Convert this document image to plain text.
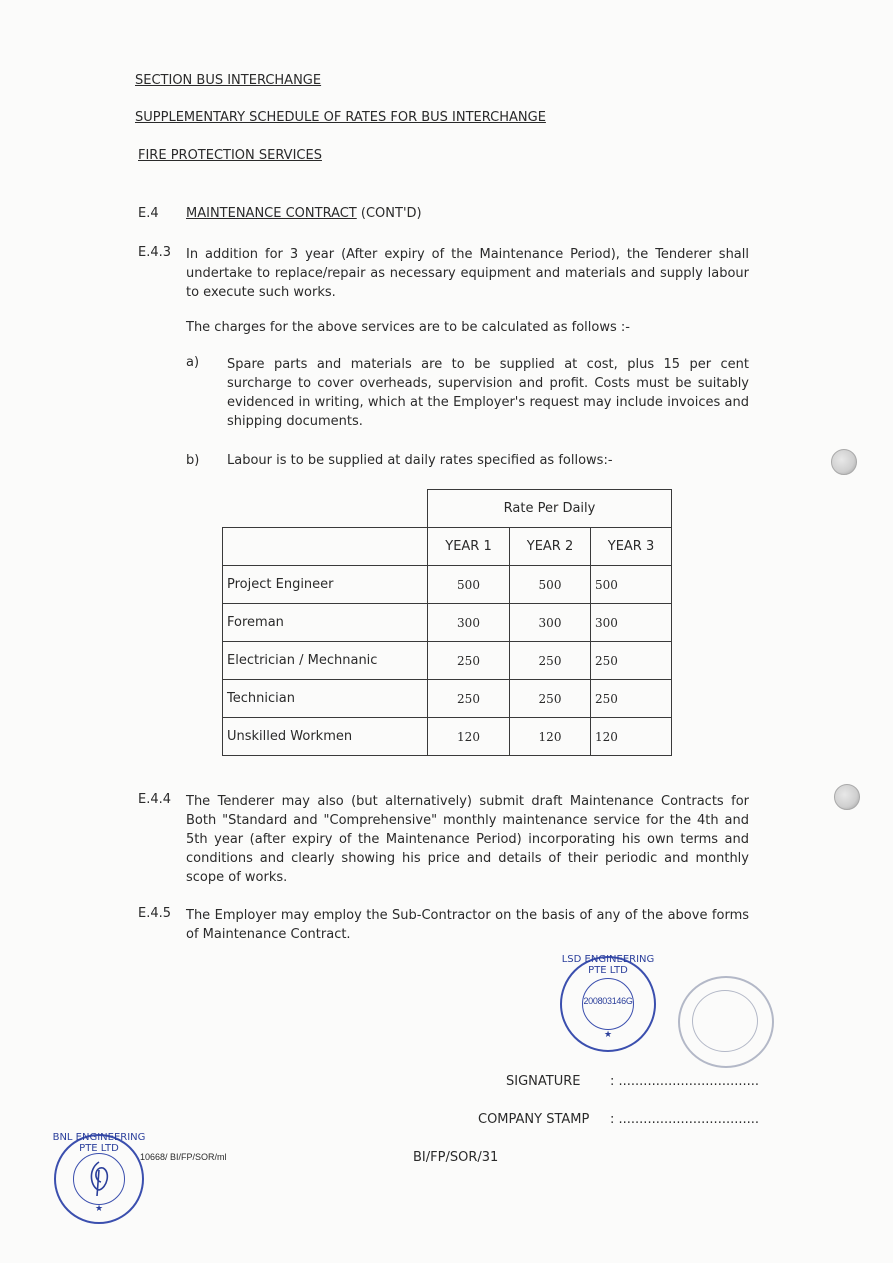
SECTION BUS INTERCHANGE
SUPPLEMENTARY SCHEDULE OF RATES FOR BUS INTERCHANGE
FIRE PROTECTION SERVICES
E.4 MAINTENANCE CONTRACT (CONT'D)
E.4.3 In addition for 3 year (After expiry of the Maintenance Period), the Tenderer shall undertake to replace/repair as necessary equipment and materials and supply labour to execute such works.
The charges for the above services are to be calculated as follows :-
a) Spare parts and materials are to be supplied at cost, plus 15 per cent surcharge to cover overheads, supervision and profit. Costs must be suitably evidenced in writing, which at the Employer's request may include invoices and shipping documents.
b) Labour is to be supplied at daily rates specified as follows:-
	Rate Per Daily		
	YEAR 1	YEAR 2	YEAR 3
Project Engineer	500	500	500
Foreman	300	300	300
Electrician / Mechnanic	250	250	250
Technician	250	250	250
Unskilled Workmen	120	120	120
E.4.4 The Tenderer may also (but alternatively) submit draft Maintenance Contracts for Both "Standard and "Comprehensive" monthly maintenance service for the 4th and 5th year (after expiry of the Maintenance Period) incorporating his own terms and conditions and clearly showing his price and details of their periodic and monthly scope of works.
E.4.5 The Employer may employ the Sub-Contractor on the basis of any of the above forms of Maintenance Contract.
200803146G
LSD ENGINEERING PTE LTD
★
SIGNATURE : ..................................
COMPANY STAMP : ..................................
BNL ENGINEERING PTE LTD
★
10668/ BI/FP/SOR/ml	BI/FP/SOR/31
